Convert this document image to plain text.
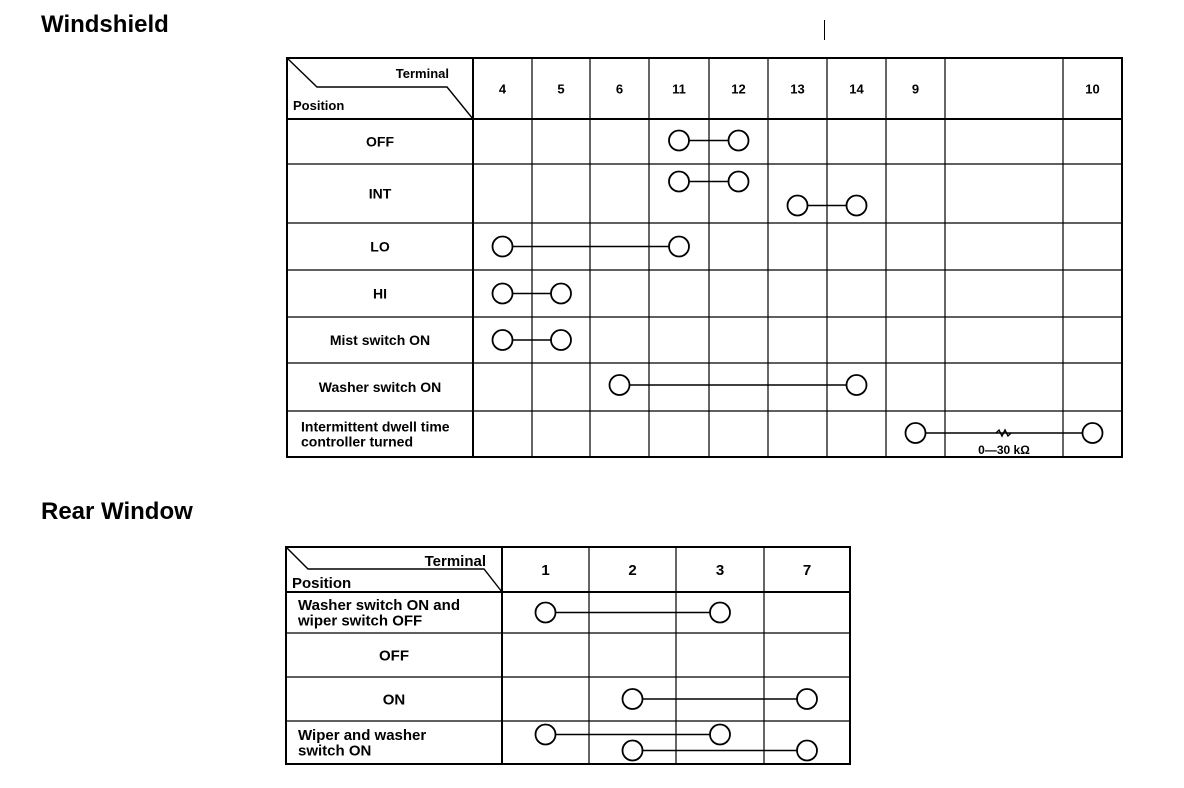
Windshield
Terminal
Position
4	5	6	11	12	13	14	9	10
OFF
INT
LO
HI
Mist switch ON
Washer switch ON
Intermittent dwell time
controller turned
0—30 kΩ
Terminal
Position
1	2	3	7
Washer switch ON and
wiper switch OFF
OFF
ON
Wiper and washer
switch ON
Rear Window
